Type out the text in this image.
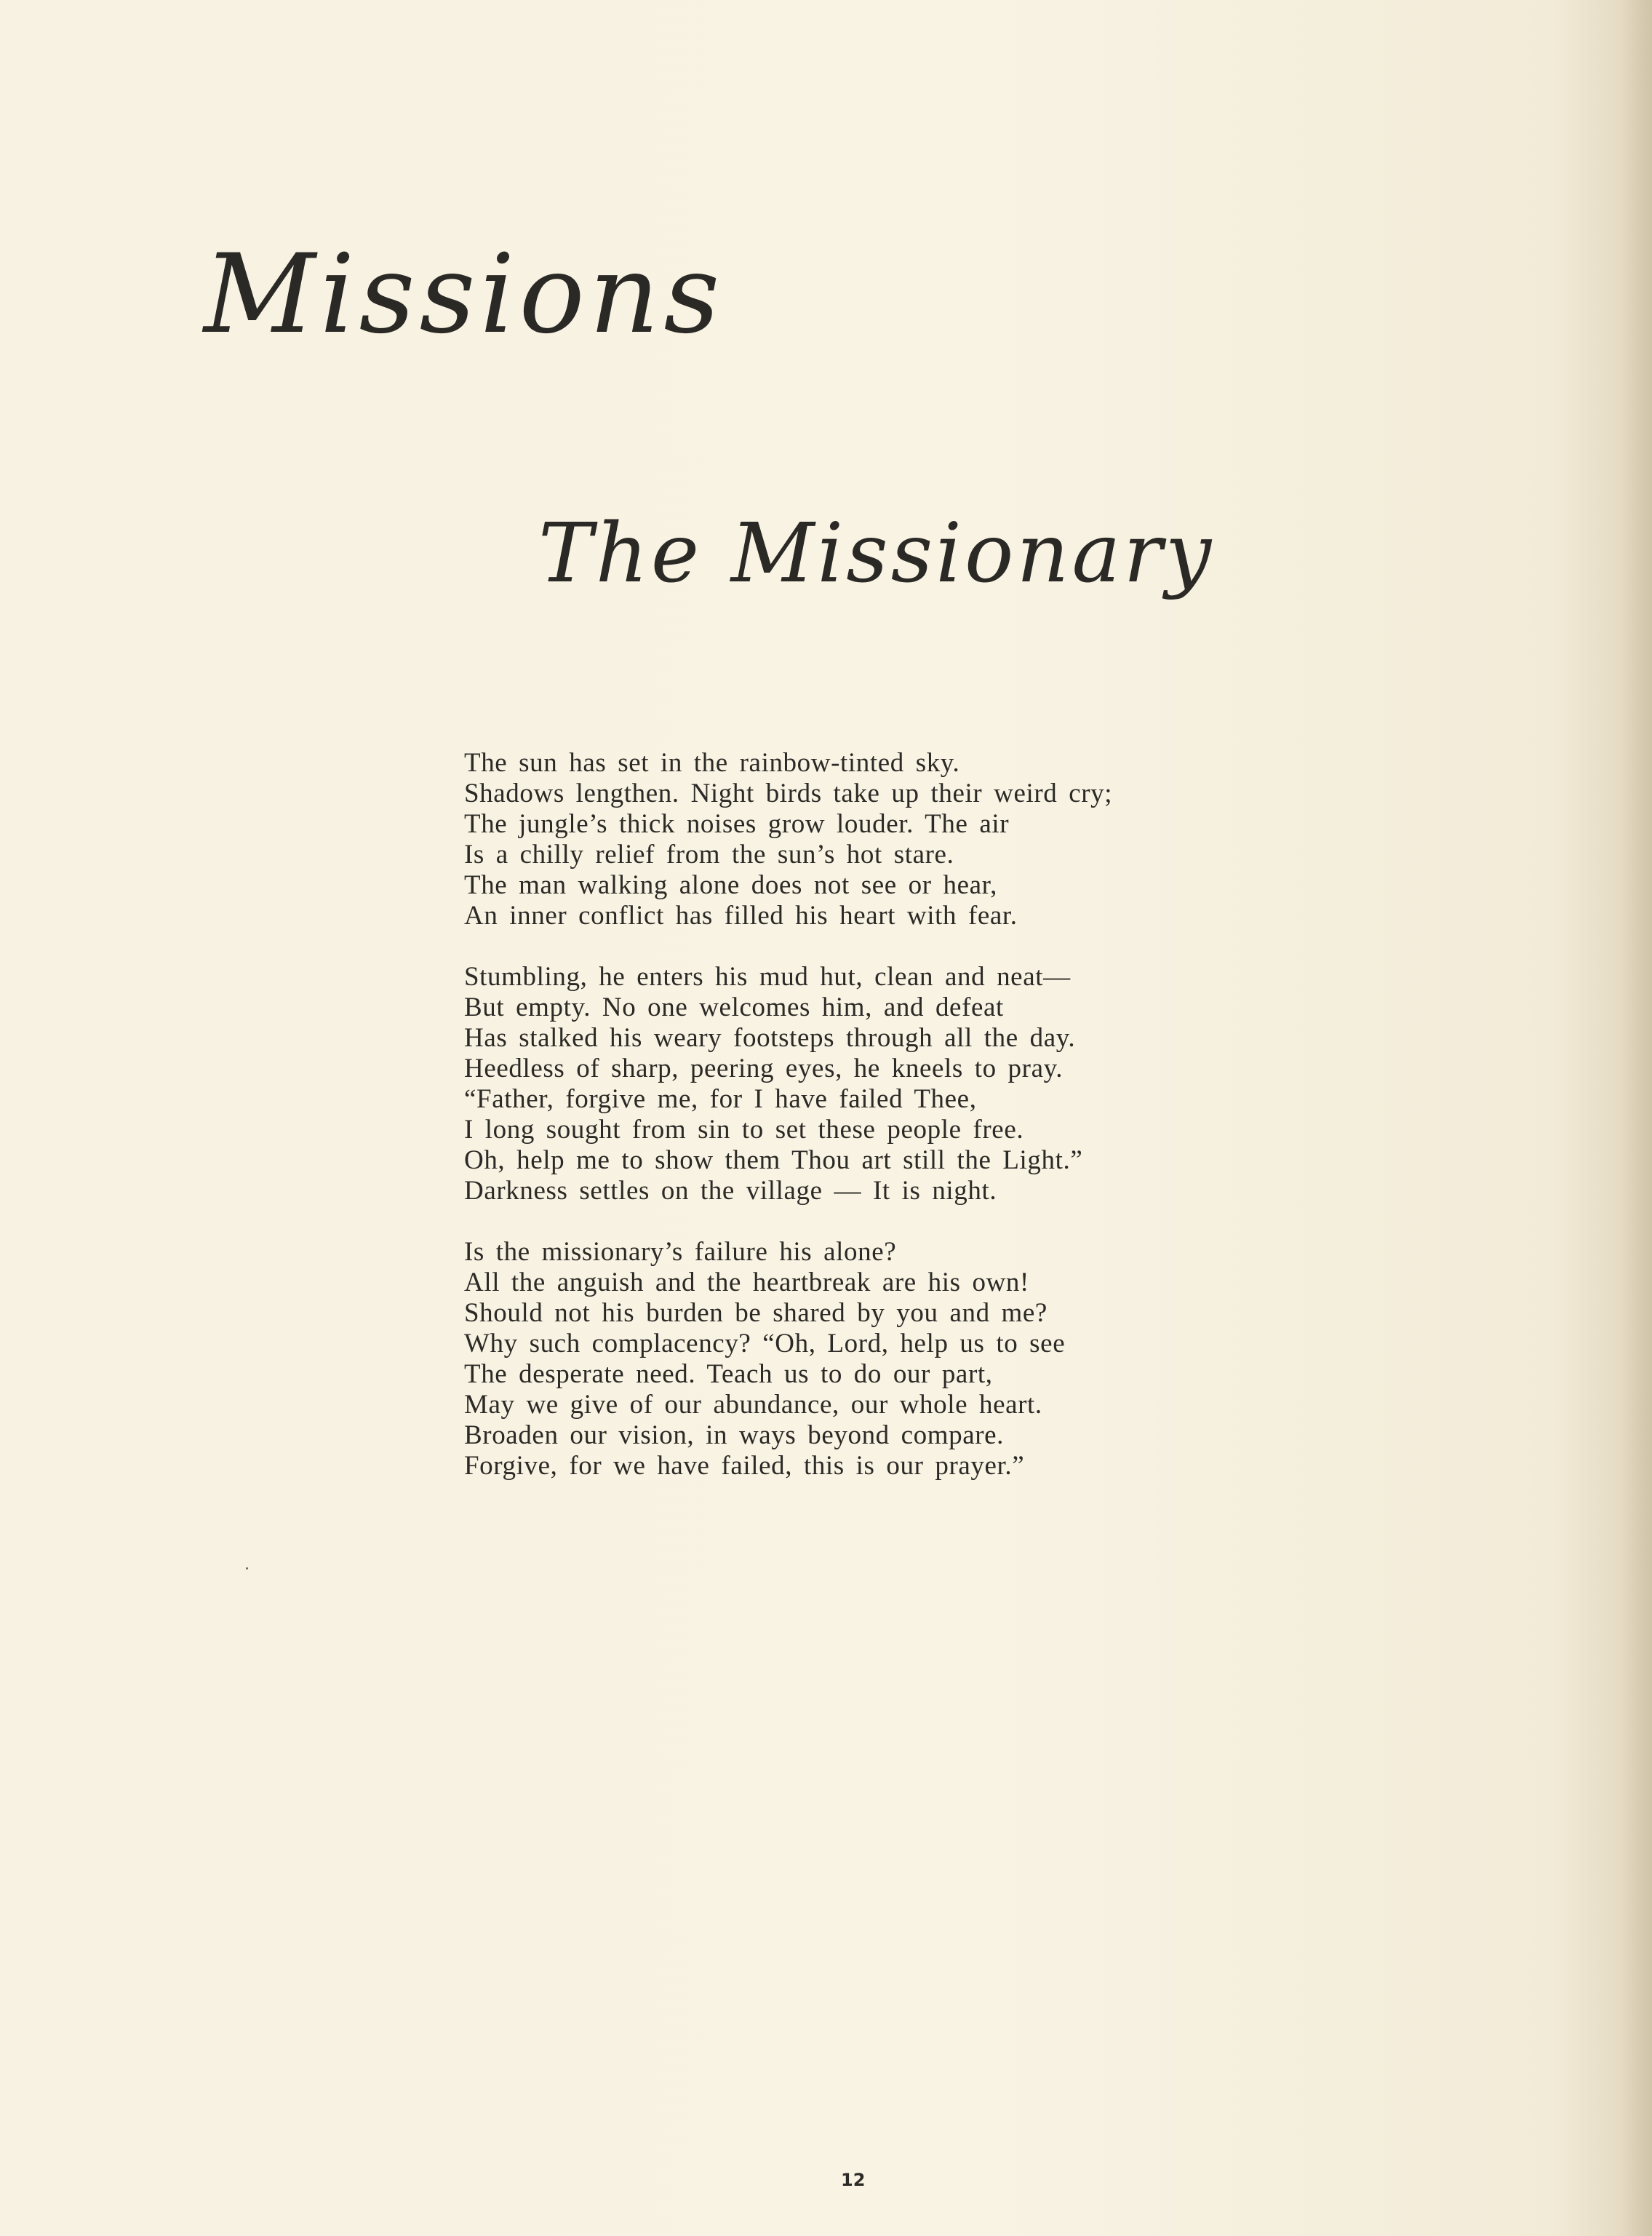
Missions
The Missionary
The sun has set in the rainbow-tinted sky.
Shadows lengthen. Night birds take up their weird cry;
The jungle’s thick noises grow louder. The air
Is a chilly relief from the sun’s hot stare.
The man walking alone does not see or hear,
An inner conflict has filled his heart with fear.
Stumbling, he enters his mud hut, clean and neat—
But empty. No one welcomes him, and defeat
Has stalked his weary footsteps through all the day.
Heedless of sharp, peering eyes, he kneels to pray.
“Father, forgive me, for I have failed Thee,
I long sought from sin to set these people free.
Oh, help me to show them Thou art still the Light.”
Darkness settles on the village — It is night.
Is the missionary’s failure his alone?
All the anguish and the heartbreak are his own!
Should not his burden be shared by you and me?
Why such complacency? “Oh, Lord, help us to see
The desperate need. Teach us to do our part,
May we give of our abundance, our whole heart.
Broaden our vision, in ways beyond compare.
Forgive, for we have failed, this is our prayer.”
12
